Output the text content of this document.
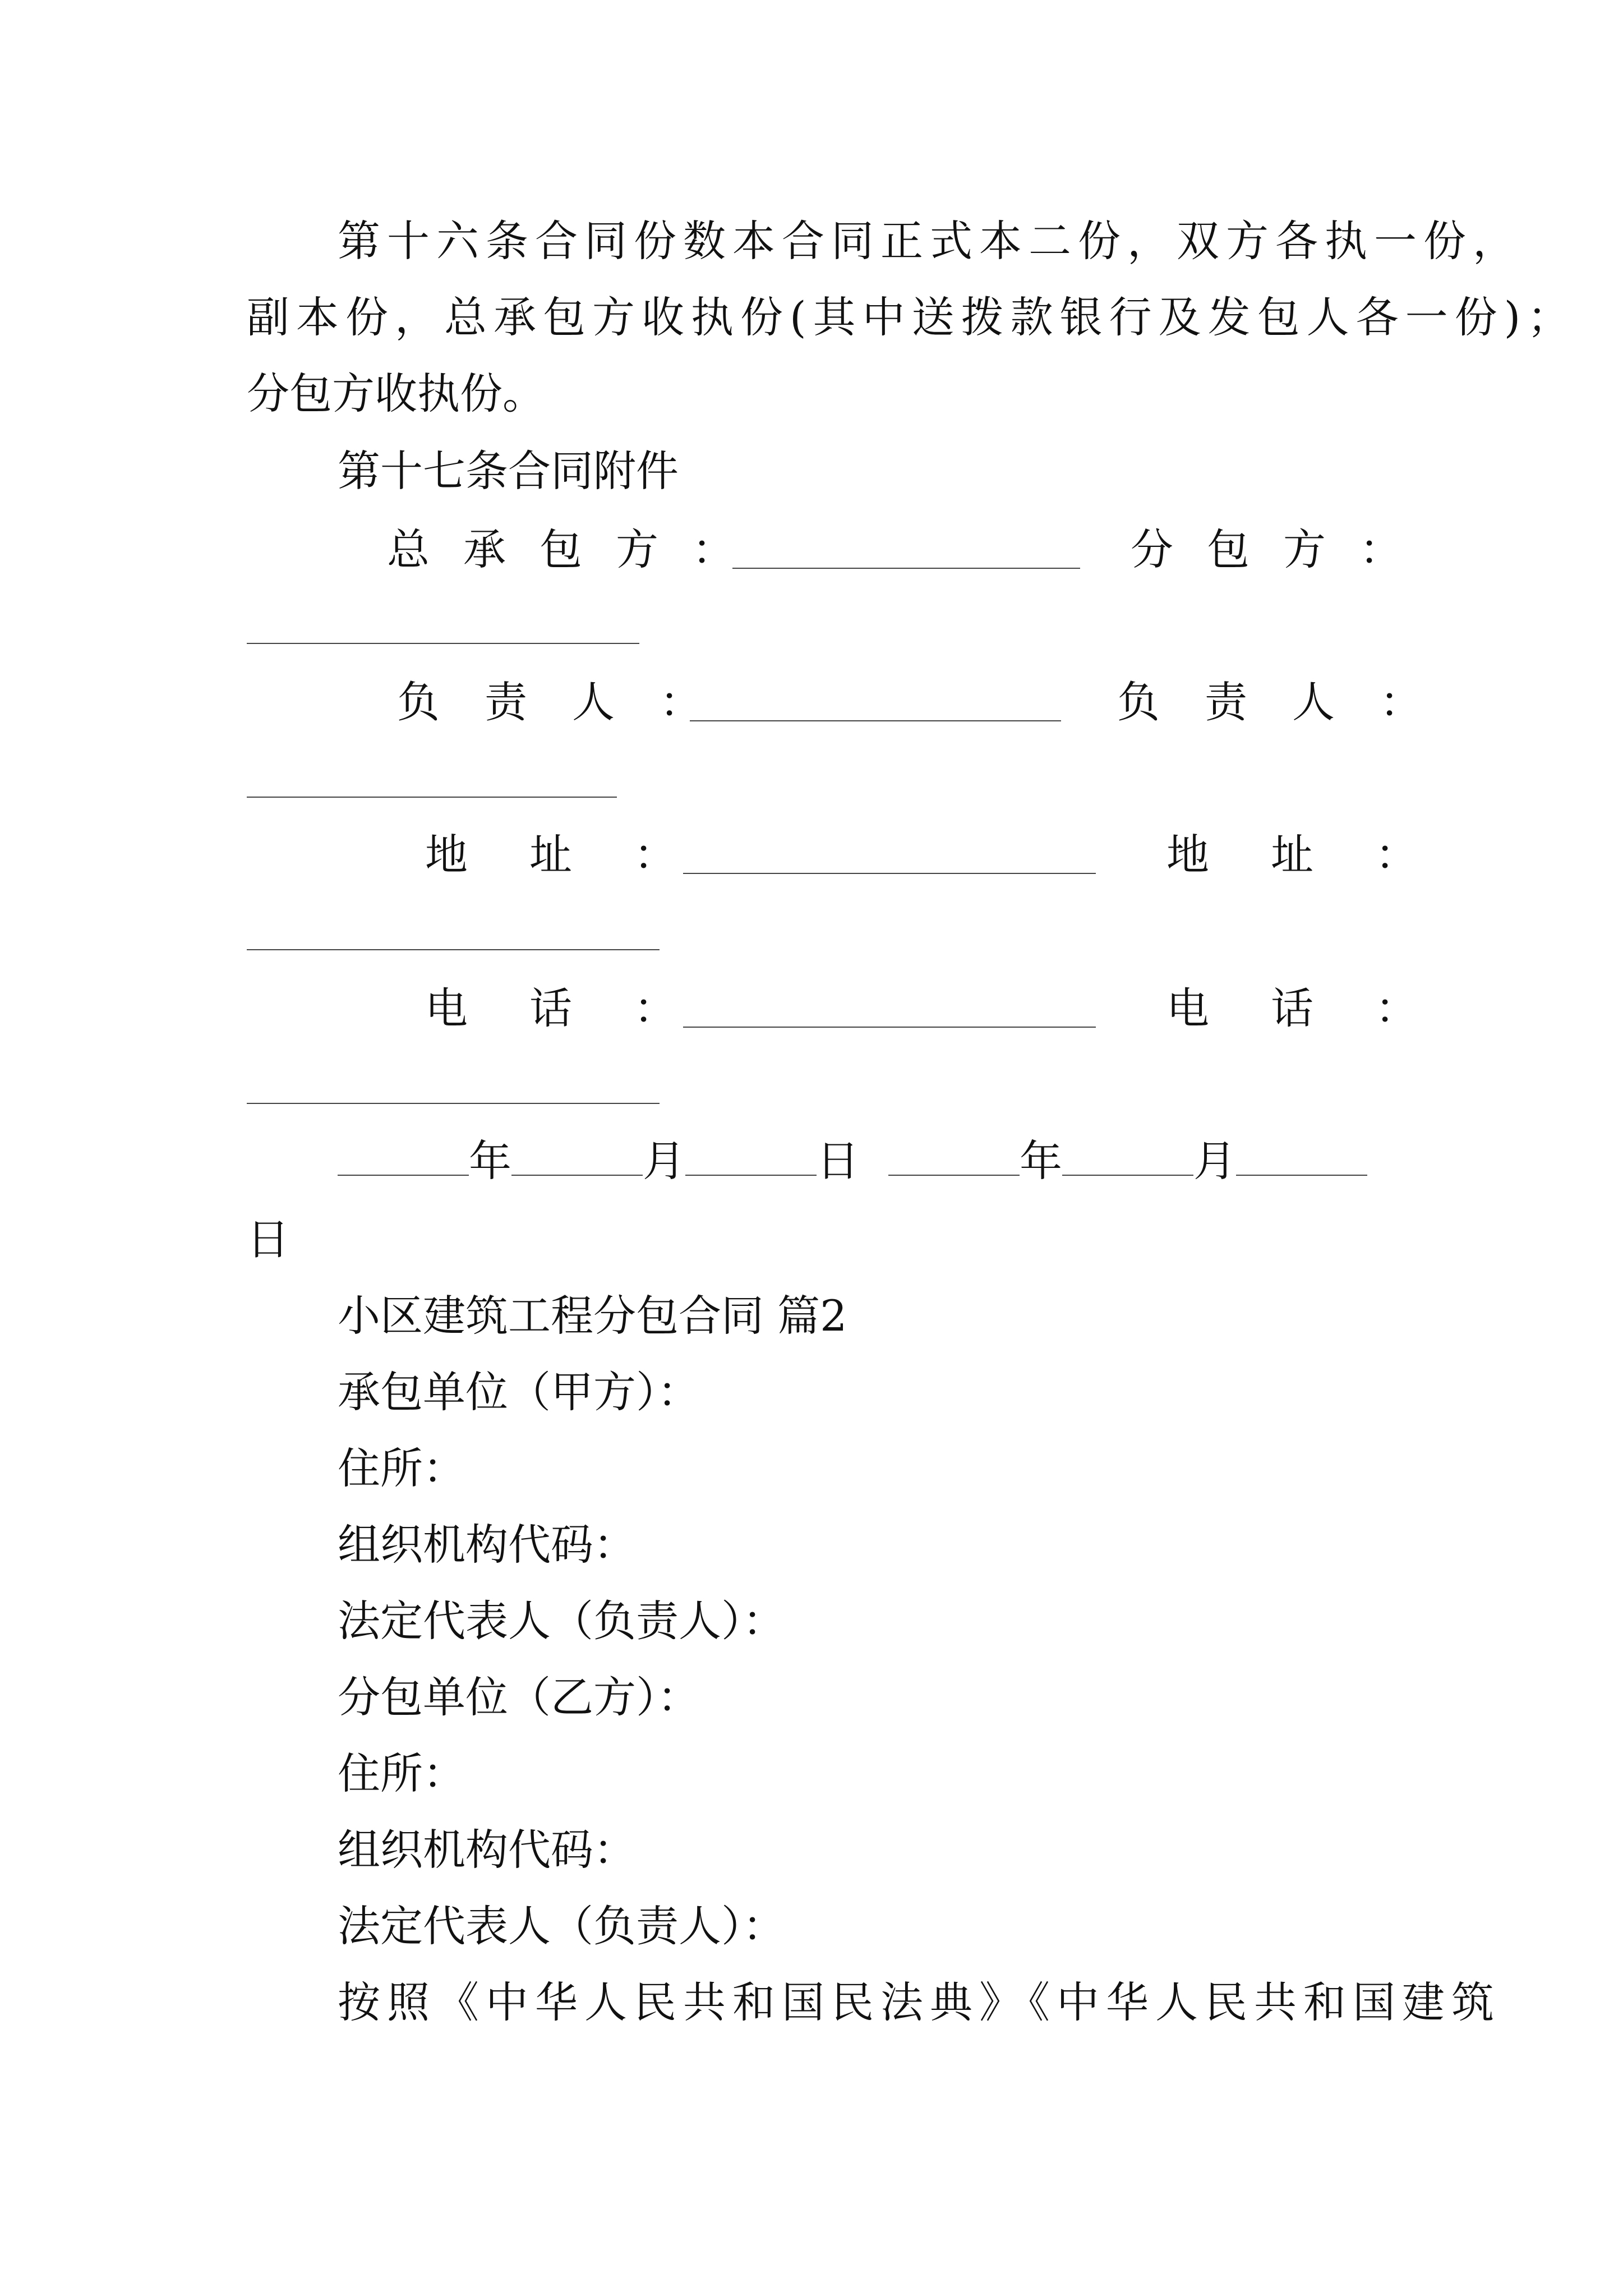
第十六条合同份数本合同正式本二份，双方各执一份，
副本份，总承包方收执份(其中送拨款银行及发包人各一份)；
分包方收执份。
第十七条合同附件
总承包方：	分包方：
负责人：	负责人：
地址：	地址：
电话：	电话：
年	月	日	年	月
日
小区建筑工程分包合同 篇2
承包单位（甲方）：
住所：
组织机构代码：
法定代表人（负责人）：
分包单位（乙方）：
住所：
组织机构代码：
法定代表人（负责人）：
按照《中华人民共和国民法典》《中华人民共和国建筑
